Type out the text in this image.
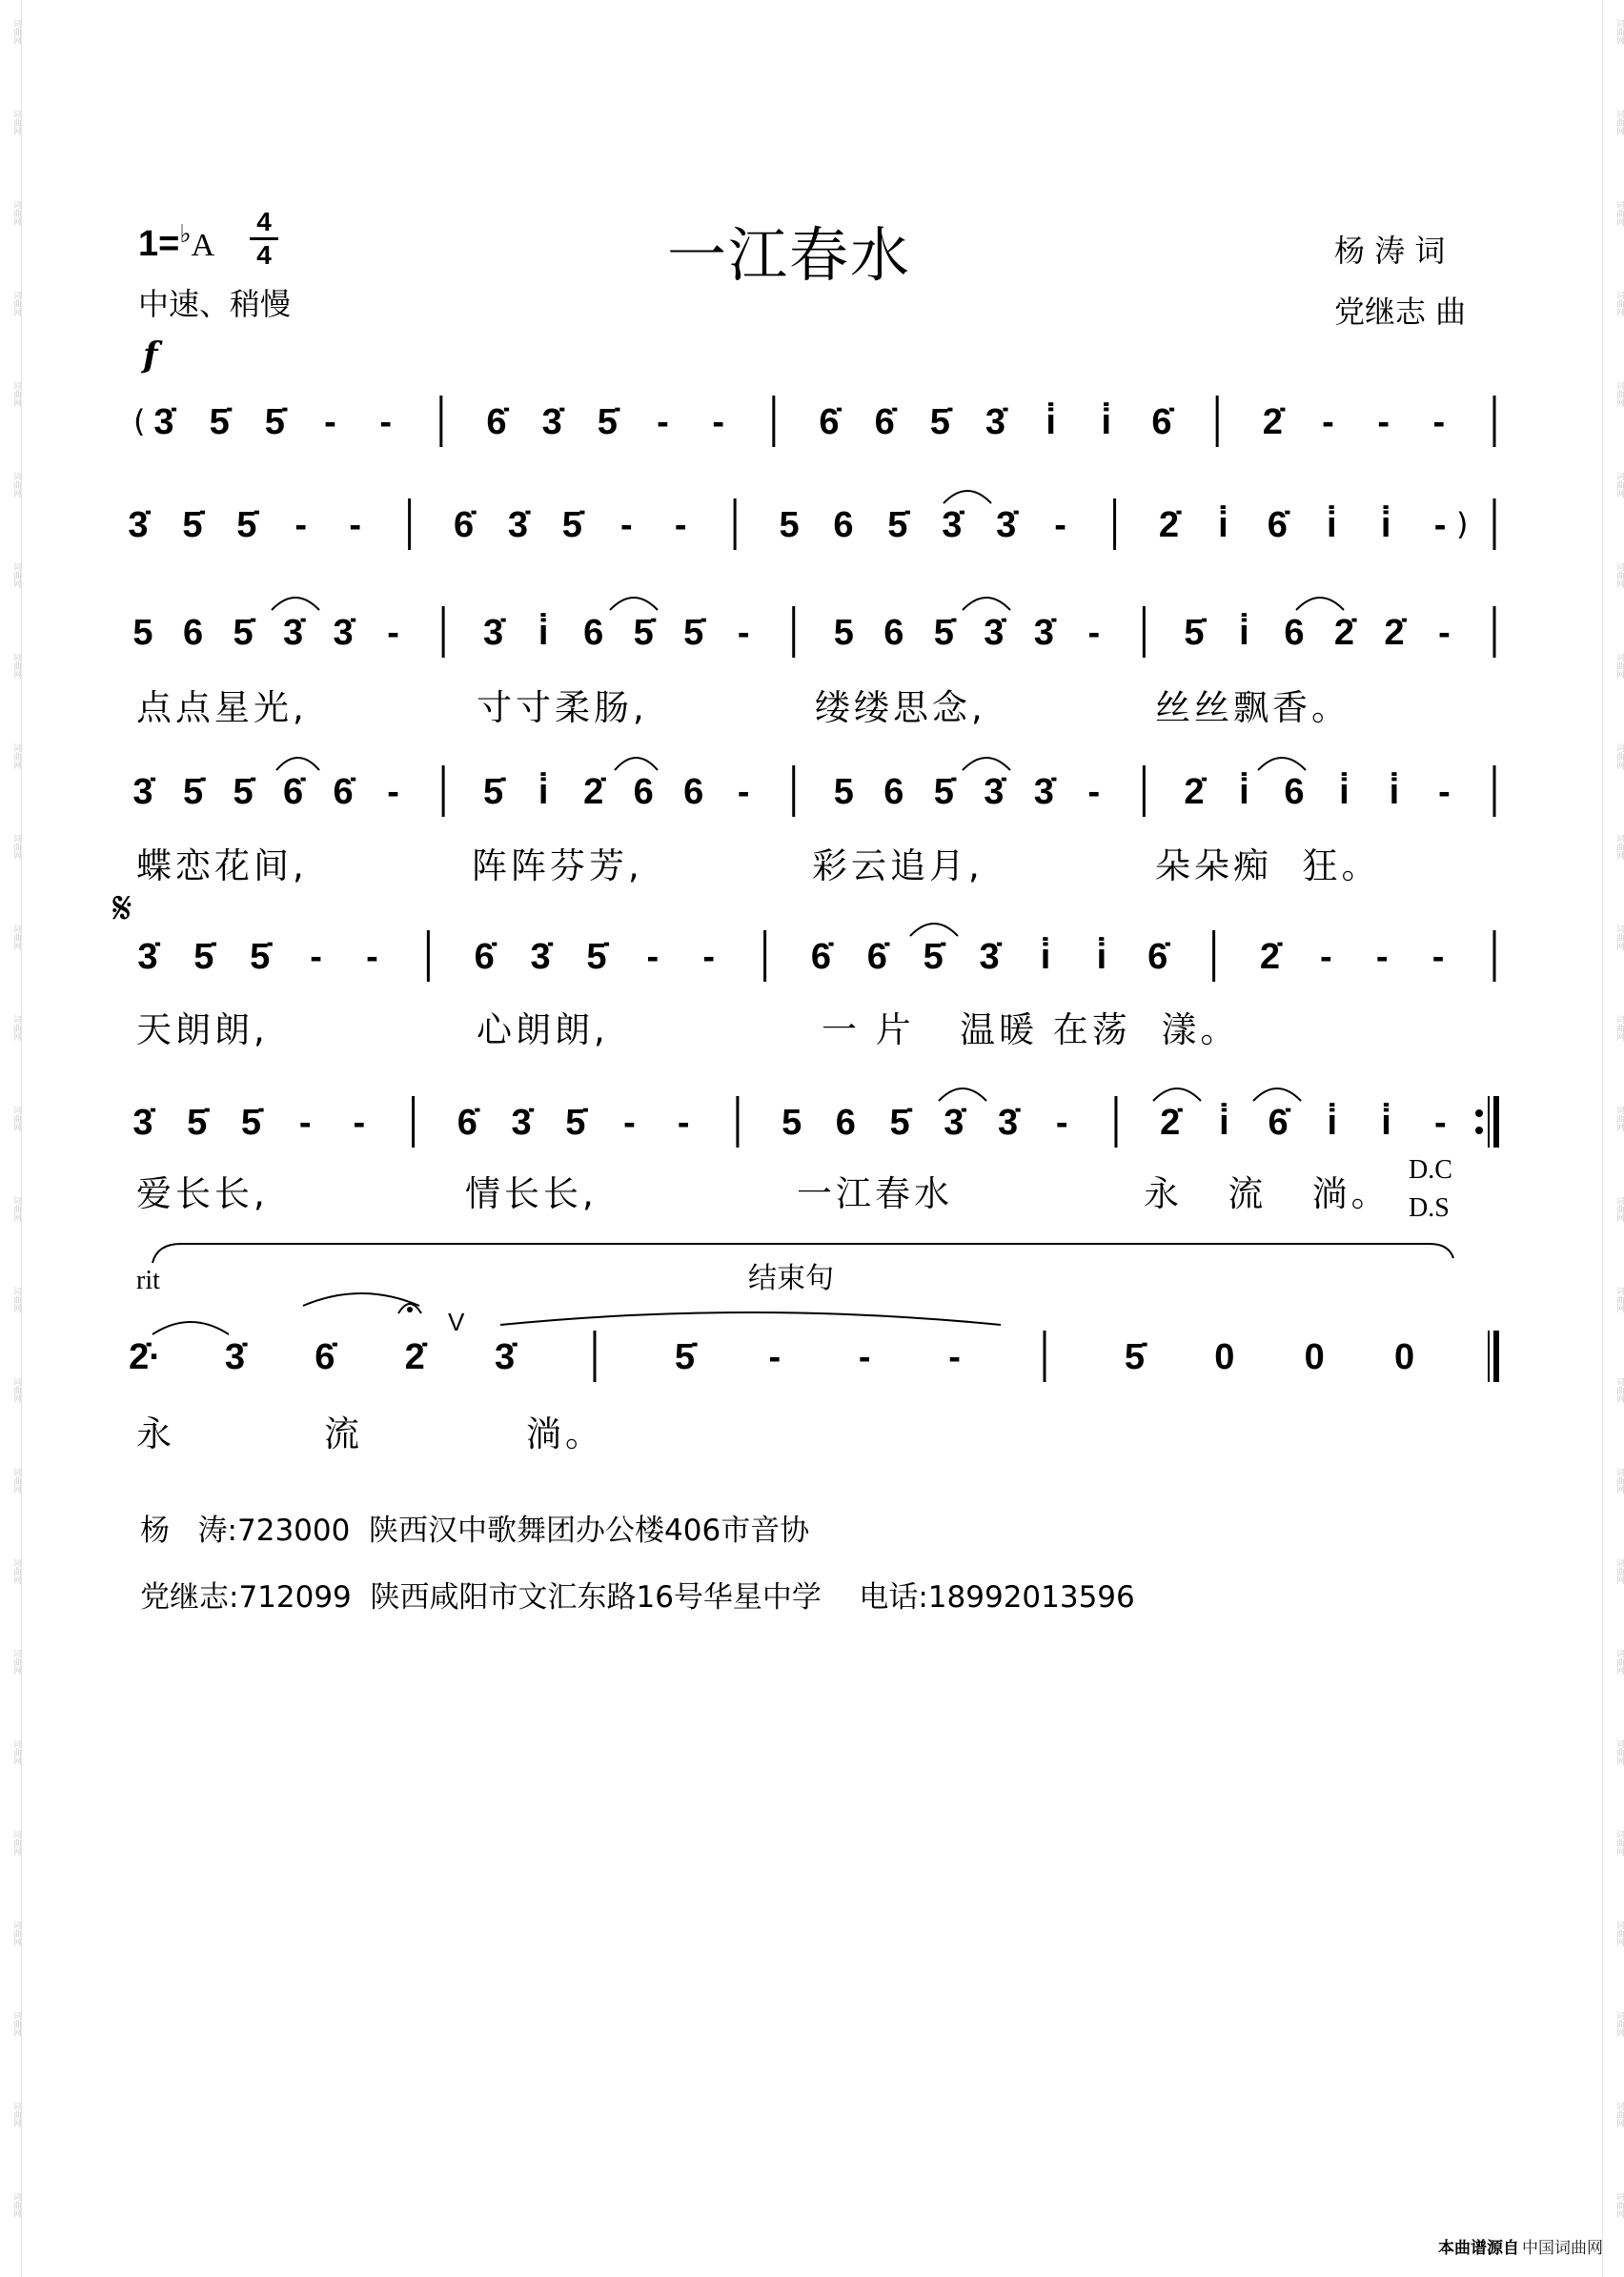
词曲网
词曲网
词曲网
词曲网
词曲网
词曲网
词曲网
词曲网
词曲网
词曲网
词曲网
词曲网
词曲网
词曲网
词曲网
词曲网
词曲网
词曲网
词曲网
词曲网
词曲网
词曲网
词曲网
词曲网
词曲网
词曲网
词曲网
词曲网
词曲网
词曲网
词曲网
词曲网
词曲网
词曲网
词曲网
词曲网
词曲网
词曲网
词曲网
词曲网
词曲网
词曲网
词曲网
词曲网
词曲网
词曲网
词曲网
词曲网
词曲网
词曲网
1=♭A
4
4	一江春水
中速、稍慢
杨 涛 词
党继志 曲
f
𝄋
rit	结束句
D.C
D.S
V
( 3̇ 5̇ 5̇ - -	6̇ 3̇ 5̇ - -	6̇ 6̇ 5̇ 3̇ i̇ i̇ 6̇	2̇ - - -
3̇ 5̇ 5̇ - -	6̇ 3̇ 5̇ - -	5 6 5̇ 3̇ 3̇ -	2̇ i̇ 6̇ i̇ i̇ - )
5 6 5̇ 3̇ 3̇ - 3̇ i̇ 6 5̇ 5̇ - 5 6 5̇ 3̇ 3̇ - 5̇ i̇ 6 2̇ 2̇ -
3̇ 5̇ 5̇ 6̇ 6̇ - 5̇ i̇ 2̇ 6 6 - 5 6 5̇ 3̇ 3̇ - 2̇ i̇ 6 i̇ i̇ -
3̇ 5̇ 5̇ - -	6̇ 3̇ 5̇ - -	6̇ 6̇ 5̇ 3̇ i̇ i̇ 6̇	2̇ - - -
3̇ 5̇ 5̇ - -	6̇ 3̇ 5̇ - -	5 6 5̇ 3̇ 3̇ -	2̇ i̇ 6̇ i̇ i̇ -
2̇· 3̇ 6̇ 2̇ 3̇	5̇ - - -	5̇ 0 0 0
点点星光,	寸寸柔肠,	缕缕思念,	丝丝飘香。
蝶恋花间,	阵阵芬芳,	彩云追月,	朵朵痴  狂。
天朗朗,	心朗朗,	一 片   温暖 在荡  漾。
爱长长,	情长长,	一江春水	永   流   淌。
永	流	淌。
杨   涛:723000  陕西汉中歌舞团办公楼406市音协
党继志:712099  陕西咸阳市文汇东路16号华星中学    电话:18992013596
本曲谱源自 中国词曲网
